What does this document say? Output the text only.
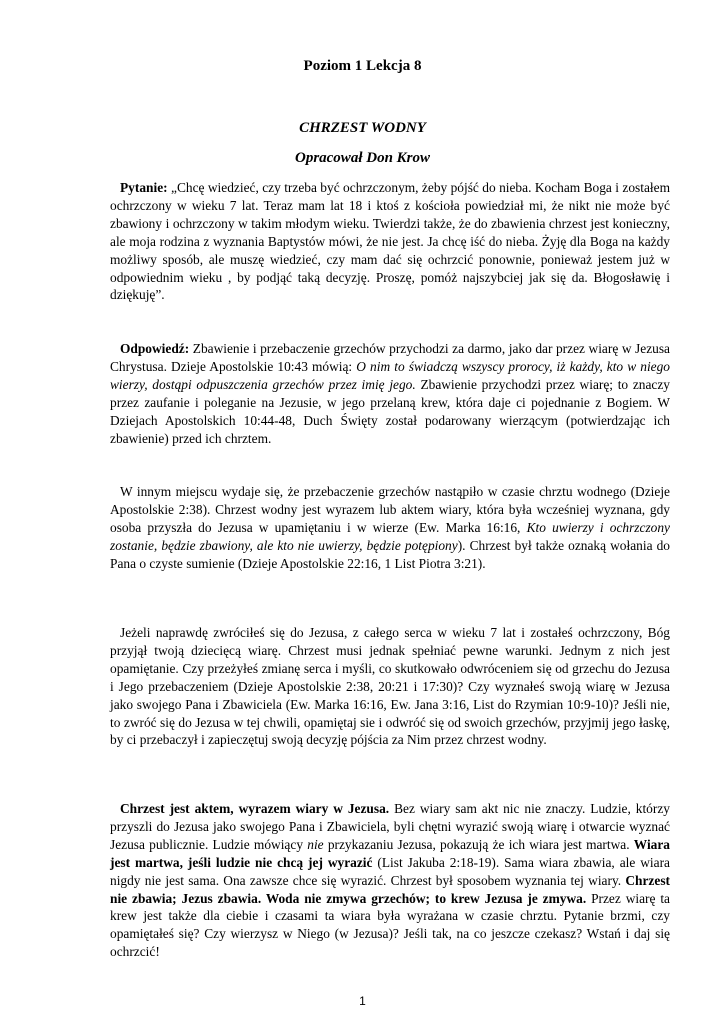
Poziom 1 Lekcja 8
CHRZEST WODNY
Opracował Don Krow
Pytanie: „Chcę wiedzieć, czy trzeba być ochrzczonym, żeby pójść do nieba. Kocham Boga i zostałem ochrzczony w wieku 7 lat. Teraz mam lat 18 i ktoś z kościoła powiedział mi, że nikt nie może być zbawiony i ochrzczony w takim młodym wieku. Twierdzi także, że do zbawienia chrzest jest konieczny, ale moja rodzina z wyznania Baptystów mówi, że nie jest. Ja chcę iść do nieba. Żyję dla Boga na każdy możliwy sposób, ale muszę wiedzieć, czy mam dać się ochrzcić ponownie, ponieważ jestem już w odpowiednim wieku , by podjąć taką decyzję. Proszę, pomóż najszybciej jak się da. Błogosławię i dziękuję”.
Odpowiedź: Zbawienie i przebaczenie grzechów przychodzi za darmo, jako dar przez wiarę w Jezusa Chrystusa. Dzieje Apostolskie 10:43 mówią: O nim to świadczą wszyscy prorocy, iż każdy, kto w niego wierzy, dostąpi odpuszczenia grzechów przez imię jego. Zbawienie przychodzi przez wiarę; to znaczy przez zaufanie i poleganie na Jezusie, w jego przelaną krew, która daje ci pojednanie z Bogiem. W Dziejach Apostolskich 10:44-48, Duch Święty został podarowany wierzącym (potwierdzając ich zbawienie) przed ich chrztem.
W innym miejscu wydaje się, że przebaczenie grzechów nastąpiło w czasie chrztu wodnego (Dzieje Apostolskie 2:38). Chrzest wodny jest wyrazem lub aktem wiary, która była wcześniej wyznana, gdy osoba przyszła do Jezusa w upamiętaniu i w wierze (Ew. Marka 16:16, Kto uwierzy i ochrzczony zostanie, będzie zbawiony, ale kto nie uwierzy, będzie potępiony). Chrzest był także oznaką wołania do Pana o czyste sumienie (Dzieje Apostolskie 22:16, 1 List Piotra 3:21).
Jeżeli naprawdę zwróciłeś się do Jezusa, z całego serca w wieku 7 lat i zostałeś ochrzczony, Bóg przyjął twoją dziecięcą wiarę. Chrzest musi jednak spełniać pewne warunki. Jednym z nich jest opamiętanie. Czy przeżyłeś zmianę serca i myśli, co skutkowało odwróceniem się od grzechu do Jezusa i Jego przebaczeniem (Dzieje Apostolskie 2:38, 20:21 i 17:30)? Czy wyznałeś swoją wiarę w Jezusa jako swojego Pana i Zbawiciela (Ew. Marka 16:16, Ew. Jana 3:16, List do Rzymian 10:9-10)? Jeśli nie, to zwróć się do Jezusa w tej chwili, opamiętaj sie i odwróć się od swoich grzechów, przyjmij jego łaskę, by ci przebaczył i zapieczętuj swoją decyzję pójścia za Nim przez chrzest wodny.
Chrzest jest aktem, wyrazem wiary w Jezusa. Bez wiary sam akt nic nie znaczy. Ludzie, którzy przyszli do Jezusa jako swojego Pana i Zbawiciela, byli chętni wyrazić swoją wiarę i otwarcie wyznać Jezusa publicznie. Ludzie mówiący nie przykazaniu Jezusa, pokazują że ich wiara jest martwa. Wiara jest martwa, jeśli ludzie nie chcą jej wyrazić (List Jakuba 2:18-19). Sama wiara zbawia, ale wiara nigdy nie jest sama. Ona zawsze chce się wyrazić. Chrzest był sposobem wyznania tej wiary. Chrzest nie zbawia; Jezus zbawia. Woda nie zmywa grzechów; to krew Jezusa je zmywa. Przez wiarę ta krew jest także dla ciebie i czasami ta wiara była wyrażana w czasie chrztu. Pytanie brzmi, czy opamiętałeś się? Czy wierzysz w Niego (w Jezusa)? Jeśli tak, na co jeszcze czekasz? Wstań i daj się ochrzcić!
1
